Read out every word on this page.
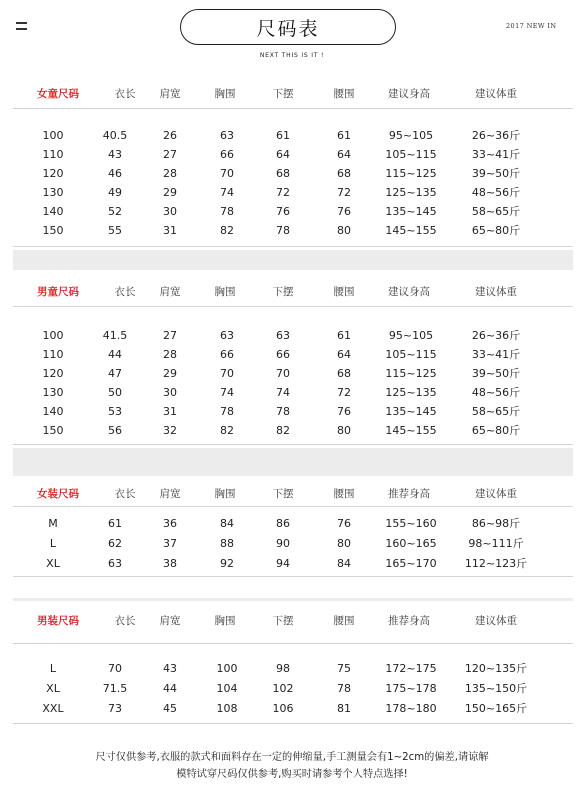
尺码表	2017 NEW IN
NEXT THIS IS IT !
女童尺码	衣长 肩宽	胸围	下摆	腰围	建议身高	建议体重
100	40.5	26	63	61	61	95~105	26~36斤
110	43	27	66	64	64	105~115	33~41斤
120	46	28	70	68	68	115~125	39~50斤
130	49	29	74	72	72	125~135	48~56斤
140	52	30	78	76	76	135~145	58~65斤
150	55	31	82	78	80	145~155	65~80斤
男童尺码	衣长 肩宽	胸围	下摆	腰围	建议身高	建议体重
100	41.5	27	63	63	61	95~105	26~36斤
110	44	28	66	66	64	105~115	33~41斤
120	47	29	70	70	68	115~125	39~50斤
130	50	30	74	74	72	125~135	48~56斤
140	53	31	78	78	76	135~145	58~65斤
150	56	32	82	82	80	145~155	65~80斤
女装尺码	衣长 肩宽	胸围	下摆	腰围	推荐身高	建议体重
M	61	36	84	86	76	155~160	86~98斤
L	62	37	88	90	80	160~165	98~111斤
XL	63	38	92	94	84	165~170	112~123斤
男装尺码	衣长 肩宽	胸围	下摆	腰围	推荐身高	建议体重
L	70	43	100	98	75	172~175	120~135斤
XL	71.5	44	104	102	78	175~178	135~150斤
XXL	73	45	108	106	81	178~180	150~165斤
尺寸仅供参考,衣服的款式和面料存在一定的伸缩量,手工测量会有1~2cm的偏差,请谅解
模特试穿尺码仅供参考,购买时请参考个人特点选择!
